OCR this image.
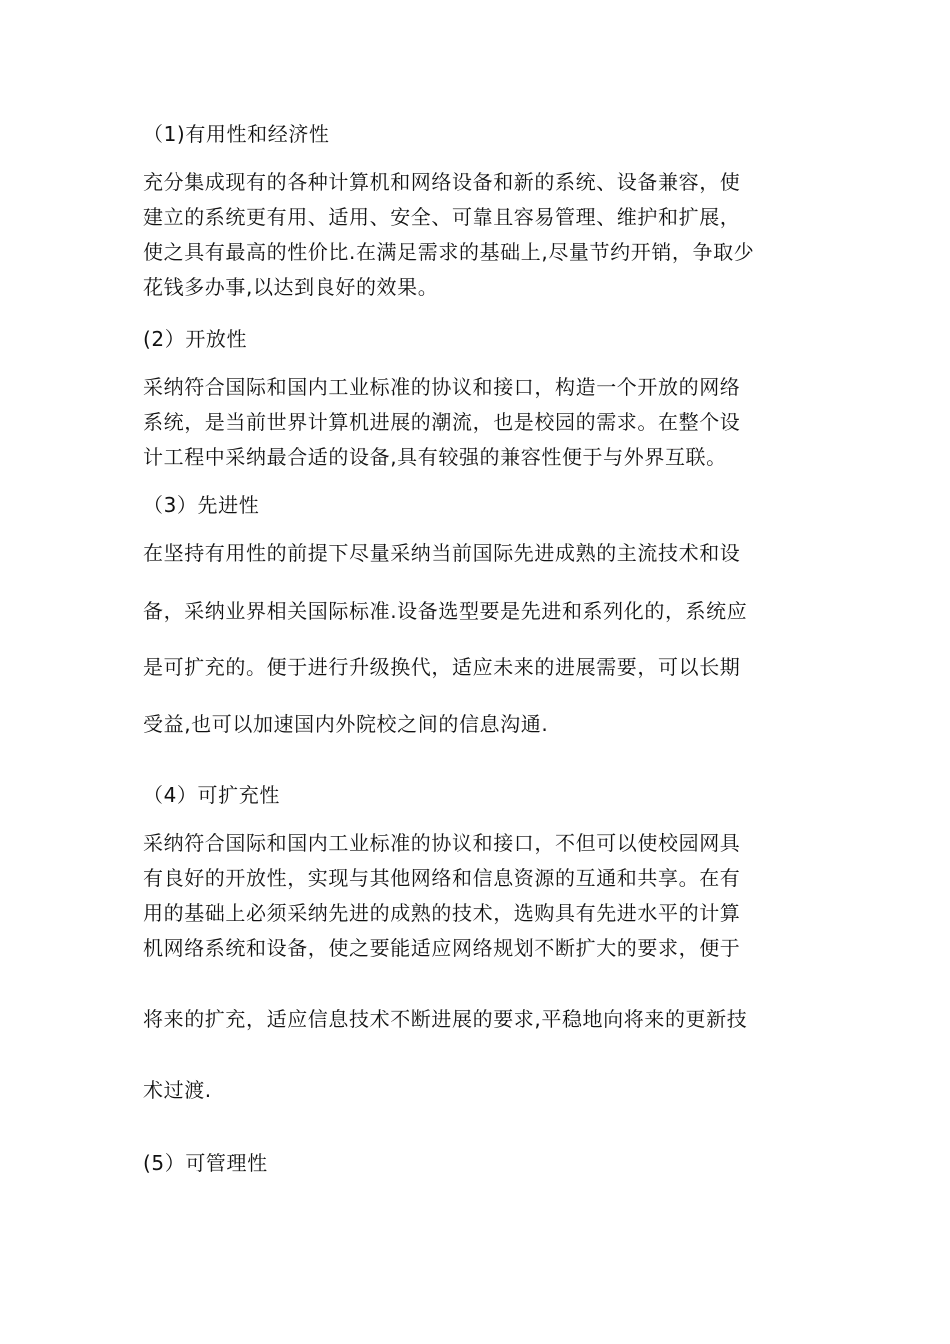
（1)有用性和经济性
充分集成现有的各种计算机和网络设备和新的系统、设备兼容，使
建立的系统更有用、适用、安全、可靠且容易管理、维护和扩展，
使之具有最高的性价比.在满足需求的基础上,尽量节约开销，争取少
花钱多办事,以达到良好的效果。
(2）开放性
采纳符合国际和国内工业标准的协议和接口，构造一个开放的网络
系统，是当前世界计算机进展的潮流，也是校园的需求。在整个设
计工程中采纳最合适的设备,具有较强的兼容性便于与外界互联。
（3）先进性
在坚持有用性的前提下尽量采纳当前国际先进成熟的主流技术和设
备，采纳业界相关国际标准.设备选型要是先进和系列化的，系统应
是可扩充的。便于进行升级换代，适应未来的进展需要，可以长期
受益,也可以加速国内外院校之间的信息沟通.
（4）可扩充性
采纳符合国际和国内工业标准的协议和接口，不但可以使校园网具
有良好的开放性，实现与其他网络和信息资源的互通和共享。在有
用的基础上必须采纳先进的成熟的技术，选购具有先进水平的计算
机网络系统和设备，使之要能适应网络规划不断扩大的要求，便于
将来的扩充，适应信息技术不断进展的要求,平稳地向将来的更新技
术过渡.
(5）可管理性
